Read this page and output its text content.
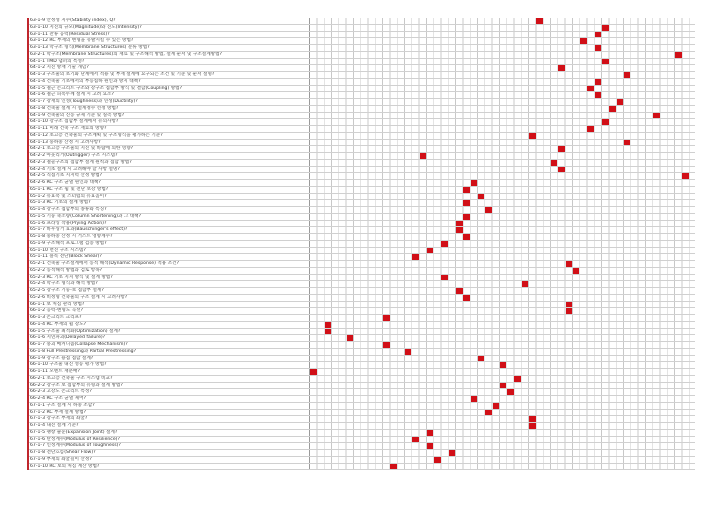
63-1-9 안정성 지수(Stability index), Q?
63-1-10 지진의 규모(Magnitude)와 진도(Intensity)?
63-1-11 잔류 응력(Residual Stress)?
63-1-12 RC 부재의 변형을 유발시킬 수 있는 방법?
63-1-13 막구조 형식(Membrane Structures) 분류 방법?
63-2-1 막구조(Membrane Structures)의 재료 및 구조해석 방법, 설계 순서 및 구조설계방법?
64-1-1 TMD 댐퍼의 특성?
64-1-2 지진 방재 기술 개념?
64-1-3 구조물의 초기화 단계에서 적용 및 부재 설계에 요구되는 조건 및 기준 및 순서 설명?
64-1-4 건축물 기초에서의 부등침하 원인과 방지 대책?
64-1-5 철근 콘크리트 구조와 강구조 접합부 방식 및 결합(Coupling) 방법?
64-1-6 철근 피복두께 설계 시 고려 요소?
64-1-7 강재의 인성(Toughness)과 연성(Ductility)?
64-1-8 건축물 설계 시 설계정수 선정 방법?
64-1-9 건축물의 진동 규제 기준 및 실측 방법?
64-1-10 강구조 접합부 설계에서 유의사항?
64-1-11 미래 건축 구조 재료의 방향?
64-1-12 초고층 건축물의 구조계획 및 구조형식을 평가하는 기준?
64-1-13 풍하중 산정 시 고려사항?
64-2-1 초고층 구조물의 지진 및 바람에 의한 영향?
64-2-2 아웃리거(Outrigger) 구조 시스템?
64-2-3 철골구조의 접합부 설계 원칙과 접합 방법?
64-2-4 기초 설계 시 고려해야 할 사항 설명?
64-2-5 직접기초 지지력 산정 방법?
64-2-6 RC 구조 균열 원인과 대책?
65-1-1 RC 구조 휨 및 전단 보강 방법?
65-1-2 유효폭 및 스터럽의 유효높이?
65-1-3 RC 기초의 설계 방법?
65-1-4 강구조 접합부의 종류와 특징?
65-1-5 기둥 축소량(Column Shortening)과 그 대책?
65-1-6 프라잉 작용(Prying Action)?
65-1-7 바우싱거 효과(Bauschinger's effect)?
65-1-8 풍하중 산정 시 거스트 영향계수?
65-1-9 구조해석 프로그램 검증 방법?
65-1-10 면진 구조 시스템?
65-1-11 블록 전단(Block Shear)?
65-2-1 건축물 구조설계에서 동적 해석(Dynamic Response) 적용 조건?
65-2-2 동적해석 방법과 검토 항목?
65-2-3 RC 기초 지지 방식 및 설계 방법?
65-2-4 막구조 형식과 해석 방법?
65-2-5 강구조 기둥-보 접합부 설계?
65-2-6 비정형 건축물의 구조 설계 시 고려사항?
66-1-1 보 처짐 관리 방법?
66-1-2 응력-변형도 곡선?
66-1-3 콘크리트 크리프?
66-1-4 RC 부재의 휨 강도?
66-1-5 구조물 최적화(Optimization) 설계?
66-1-6 지연파괴(Delayed failure)?
66-1-7 붕괴 메커니즘(Collapse Mechanism)?
66-1-8 Full Prestressing과 Partial Prestressing?
66-1-9 강구조 용접 접합 설계?
66-1-10 구조물 내진 성능 평가 방법?
66-1-11 모멘트 재분배?
66-2-1 초고층 건축물 구조 시스템 비교?
66-2-2 강구조 보 접합부의 유형과 설계 방법?
66-2-3 고강도 콘크리트 특성?
66-2-4 RC 구조 균열 제어?
67-1-1 구조 설계 시 하중 조합?
67-1-2 RC 부재 설계 방법?
67-1-3 강구조 부재의 좌굴?
67-1-4 내진 설계 기준?
67-1-5 팽창 줄눈(Expansion Joint) 설계?
67-1-6 탄성계수(Modulus of Resilience)?
67-1-7 인성계수(Modulus of Toughness)?
67-1-8 전단흐름(Shear Flow)?
67-1-9 부재의 좌굴길이 산정?
67-1-10 RC 보의 처짐 계산 방법?
